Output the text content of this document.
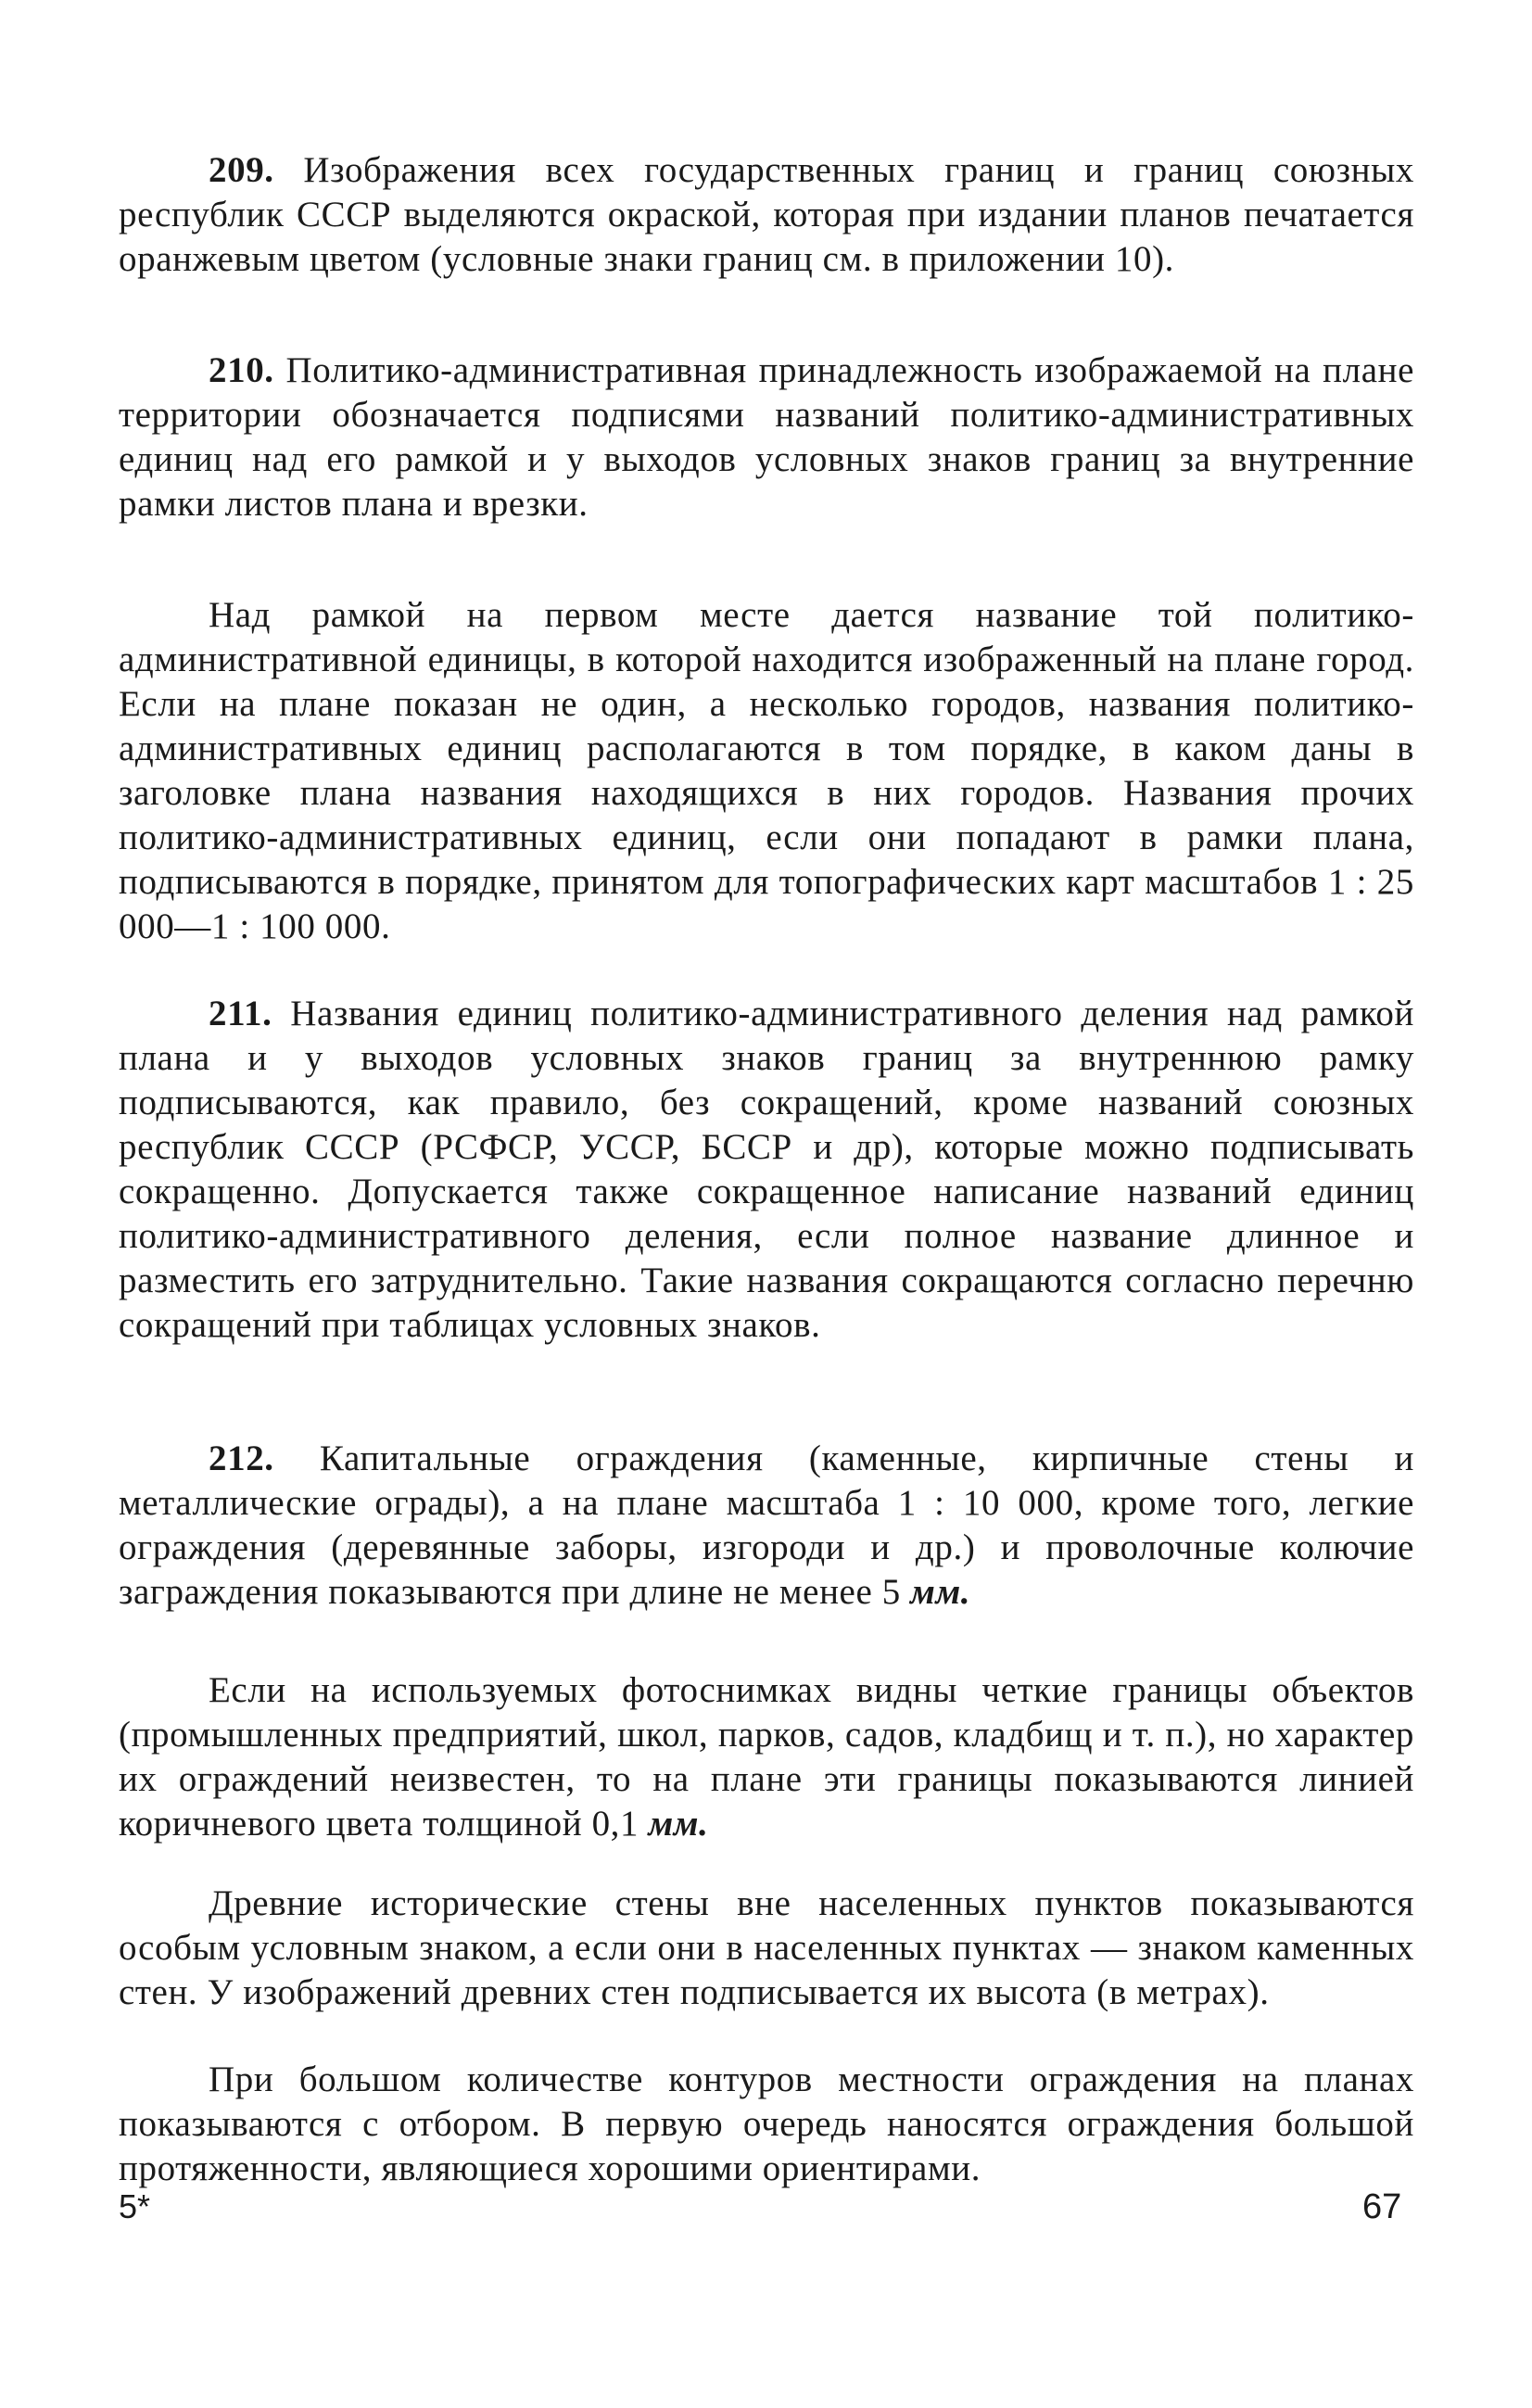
209. Изображения всех государственных границ и границ союзных республик СССР выделяются окраской, которая при издании планов печатается оранжевым цветом (условные знаки границ см. в приложении 10).

210. Политико-административная принадлежность изображаемой на плане территории обозначается подписями названий политико-административных единиц над его рамкой и у выходов условных знаков границ за внутренние рамки листов плана и врезки.

Над рамкой на первом месте дается название той политико-административной единицы, в которой находится изображенный на плане город. Если на плане показан не один, а несколько городов, названия политико-административных единиц располагаются в том порядке, в каком даны в заголовке плана названия находящихся в них городов. Названия прочих политико-административных единиц, если они попадают в рамки плана, подписываются в порядке, принятом для топографических карт масштабов 1 : 25 000—1 : 100 000.

211. Названия единиц политико-административного деления над рамкой плана и у выходов условных знаков границ за внутреннюю рамку подписываются, как правило, без сокращений, кроме названий союзных республик СССР (РСФСР, УССР, БССР и др), которые можно подписывать сокращенно. Допускается также сокращенное написание названий единиц политико-административного деления, если полное название длинное и разместить его затруднительно. Такие названия сокращаются согласно перечню сокращений при таблицах условных знаков.

212. Капитальные ограждения (каменные, кирпичные стены и металлические ограды), а на плане масштаба 1 : 10 000, кроме того, легкие ограждения (деревянные заборы, изгороди и др.) и проволочные колючие заграждения показываются при длине не менее 5 мм.

Если на используемых фотоснимках видны четкие границы объектов (промышленных предприятий, школ, парков, садов, кладбищ и т. п.), но характер их ограждений неизвестен, то на плане эти границы показываются линией коричневого цвета толщиной 0,1 мм.

Древние исторические стены вне населенных пунктов показываются особым условным знаком, а если они в населенных пунктах — знаком каменных стен. У изображений древних стен подписывается их высота (в метрах).

При большом количестве контуров местности ограждения на планах показываются с отбором. В первую очередь наносятся ограждения большой протяженности, являющиеся хорошими ориентирами.

5*	67
